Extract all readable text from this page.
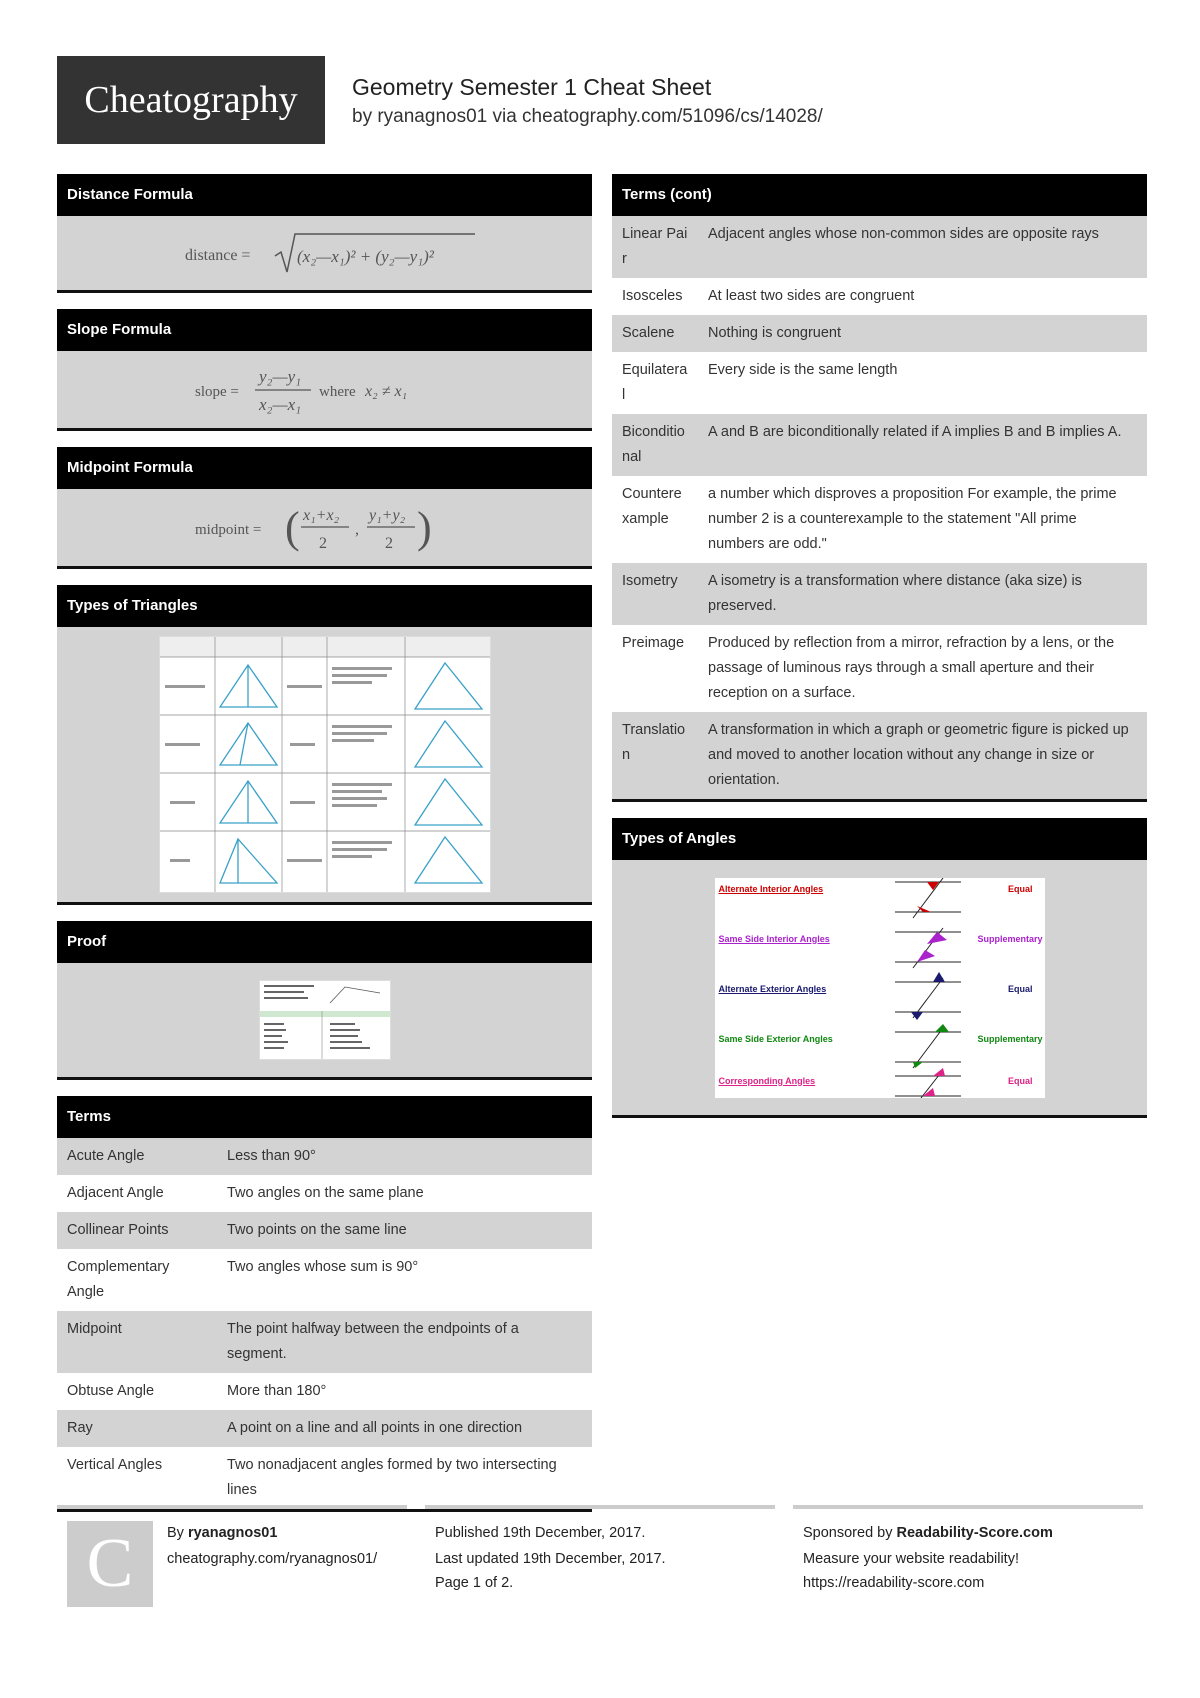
Cheatography	Geometry Semester 1 Cheat Sheet
by ryanagnos01 via cheatography.com/51096/cs/14028/
Distance Formula
distance =	(x₂—x₁)² + (y₂—y₁)²
Slope Formula
slope =
y₂—y₁
x₂—x₁
where x₂ ≠ x₁
Midpoint Formula
midpoint = ( x₁+x₂
2
,
y₁+y₂
2 )
Types of Triangles
Proof
Terms
Acute Angle	Less than 90°
Adjacent Angle	Two angles on the same plane
Collinear Points	Two points on the same line
Complementary Angle	Two angles whose sum is 90°
Midpoint	The point halfway between the endpoints of a segment.
Obtuse Angle	More than 180°
Ray	A point on a line and all points in one direction
Vertical Angles	Two nonadjacent angles formed by two intersecting lines
Terms (cont)
Linear Pair	Adjacent angles whose non-common sides are opposite rays
Isosceles	At least two sides are congruent
Scalene	Nothing is congruent
Equilateral	Every side is the same length
Biconditional	A and B are biconditionally related if A implies B and B implies A.
Counterexample	a number which disproves a proposition For example, the prime number 2 is a counterexample to the statement "All prime numbers are odd."
Isometry	A isometry is a transformation where distance (aka size) is preserved.
Preimage	Produced by reflection from a mirror, refraction by a lens, or the passage of luminous rays through a small aperture and their reception on a surface.
Translation	A transformation in which a graph or geometric figure is picked up and moved to another location without any change in size or orientation.
Types of Angles
Alternate Interior Angles	Equal
Same Side Interior Angles	Supplementary
Alternate Exterior Angles	Equal
Same Side Exterior Angles	Supplementary
Corresponding Angles	Equal
C	By ryanagnos01
cheatography.com/ryanagnos01/
Published 19th December, 2017.
Last updated 19th December, 2017.
Page 1 of 2.
Sponsored by Readability-Score.com
Measure your website readability!
https://readability-score.com
